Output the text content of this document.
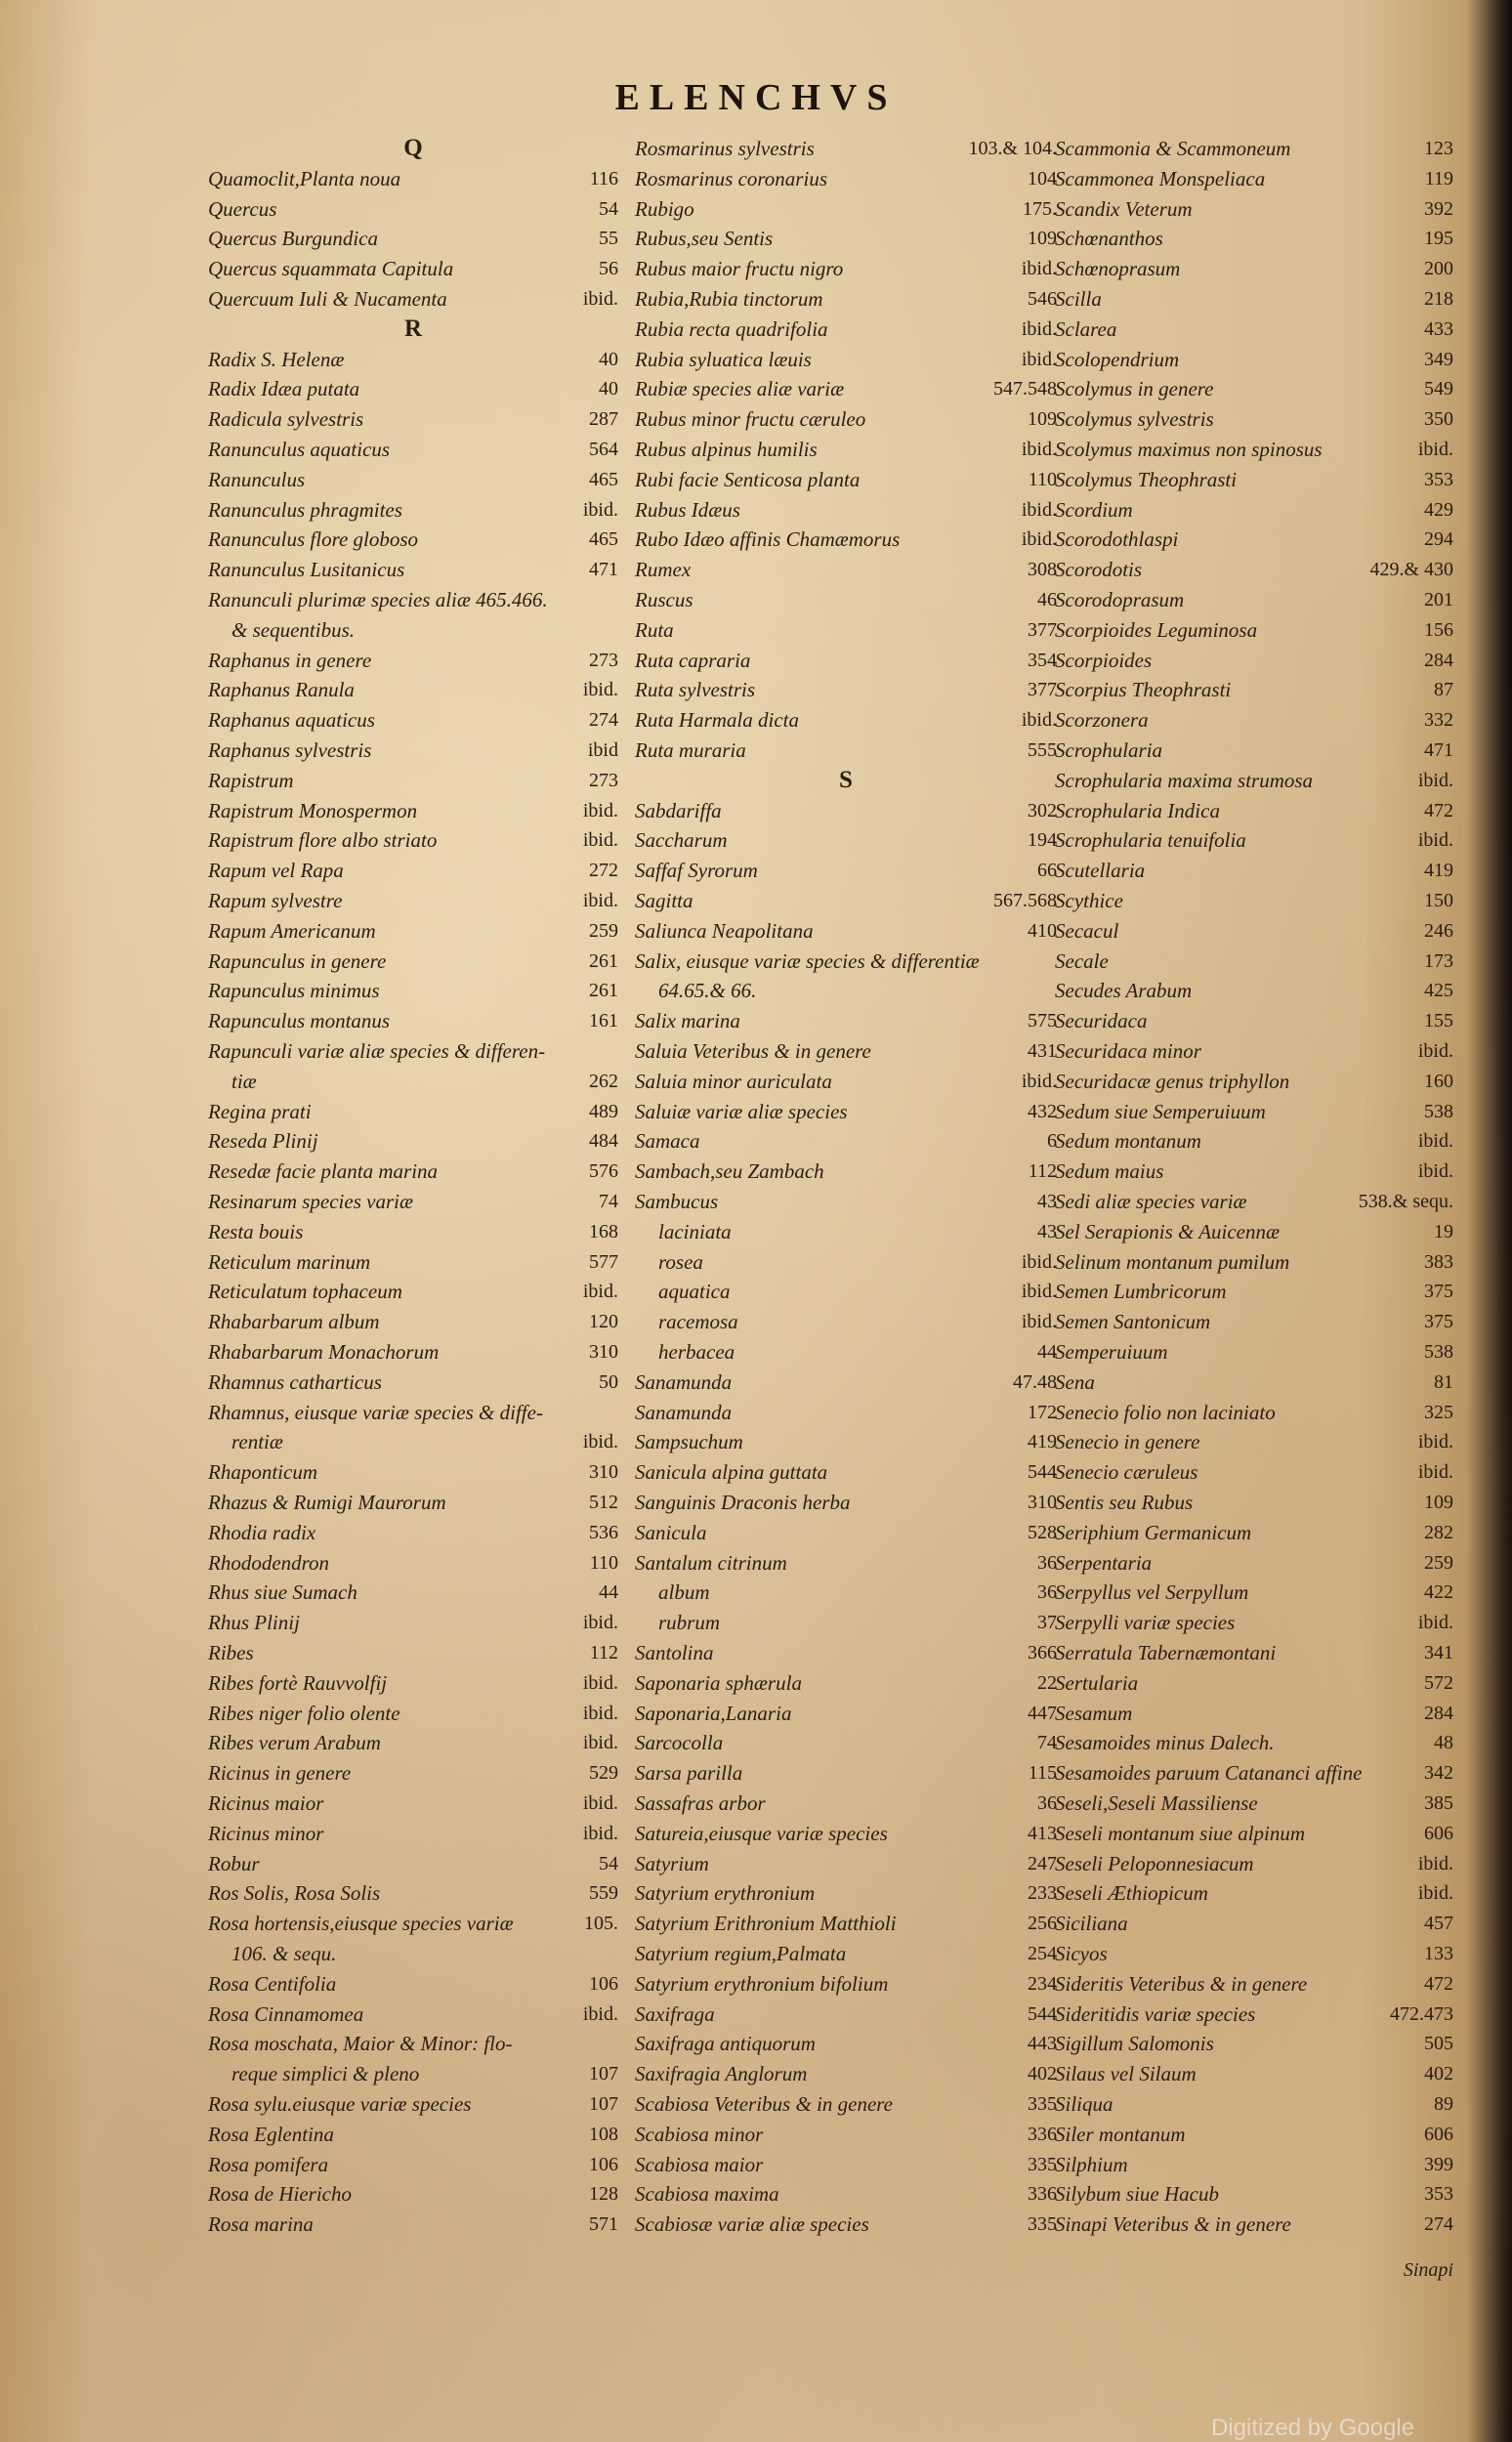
ELENCHVS
Q
Quamoclit,Planta noua	116
Quercus	54
Quercus Burgundica	55
Quercus squammata Capitula	56
Quercuum Iuli & Nucamenta	ibid.
R
Radix S. Helenæ	40
Radix Idæa putata	40
Radicula sylvestris	287
Ranunculus aquaticus	564
Ranunculus	465
Ranunculus phragmites	ibid.
Ranunculus flore globoso	465
Ranunculus Lusitanicus	471
Ranunculi plurimæ species aliæ 465.466.
& sequentibus.
Raphanus in genere	273
Raphanus Ranula	ibid.
Raphanus aquaticus	274
Raphanus sylvestris	ibid
Rapistrum	273
Rapistrum Monospermon	ibid.
Rapistrum flore albo striato	ibid.
Rapum vel Rapa	272
Rapum sylvestre	ibid.
Rapum Americanum	259
Rapunculus in genere	261
Rapunculus minimus	261
Rapunculus montanus	161
Rapunculi variæ aliæ species & differen-
tiæ	262
Regina prati	489
Reseda Plinij	484
Resedæ facie planta marina	576
Resinarum species variæ	74
Resta bouis	168
Reticulum marinum	577
Reticulatum tophaceum	ibid.
Rhabarbarum album	120
Rhabarbarum Monachorum	310
Rhamnus catharticus	50
Rhamnus, eiusque variæ species & diffe-
rentiæ	ibid.
Rhaponticum	310
Rhazus & Rumigi Maurorum	512
Rhodia radix	536
Rhododendron	110
Rhus siue Sumach	44
Rhus Plinij	ibid.
Ribes	112
Ribes fortè Rauvvolfij	ibid.
Ribes niger folio olente	ibid.
Ribes verum Arabum	ibid.
Ricinus in genere	529
Ricinus maior	ibid.
Ricinus minor	ibid.
Robur	54
Ros Solis, Rosa Solis	559
Rosa hortensis,eiusque species variæ	105.
106. & sequ.
Rosa Centifolia	106
Rosa Cinnamomea	ibid.
Rosa moschata, Maior & Minor: flo-
reque simplici & pleno	107
Rosa sylu.eiusque variæ species	107
Rosa Eglentina	108
Rosa pomifera	106
Rosa de Hiericho	128
Rosa marina	571
Rosmarinus sylvestris	103.& 104.
Rosmarinus coronarius	104
Rubigo	175.
Rubus,seu Sentis	109
Rubus maior fructu nigro	ibid.
Rubia,Rubia tinctorum	546
Rubia recta quadrifolia	ibid.
Rubia syluatica læuis	ibid.
Rubiæ species aliæ variæ	547.548
Rubus minor fructu cæruleo	109
Rubus alpinus humilis	ibid.
Rubi facie Senticosa planta	110
Rubus Idæus	ibid.
Rubo Idæo affinis Chamæmorus	ibid.
Rumex	308
Ruscus	46
Ruta	377
Ruta capraria	354
Ruta sylvestris	377
Ruta Harmala dicta	ibid.
Ruta muraria	555
S
Sabdariffa	302
Saccharum	194
Saffaf Syrorum	66
Sagitta	567.568
Saliunca Neapolitana	410
Salix, eiusque variæ species & differentiæ
64.65.& 66.
Salix marina	575
Saluia Veteribus & in genere	431
Saluia minor auriculata	ibid.
Saluiæ variæ aliæ species	432
Samaca	6
Sambach,seu Zambach	112
Sambucus	43
laciniata	43
rosea	ibid.
aquatica	ibid.
racemosa	ibid.
herbacea	44
Sanamunda	47.48
Sanamunda	172
Sampsuchum	419
Sanicula alpina guttata	544
Sanguinis Draconis herba	310
Sanicula	528
Santalum citrinum	36
album	36
rubrum	37
Santolina	366
Saponaria sphærula	22
Saponaria,Lanaria	447
Sarcocolla	74
Sarsa parilla	115
Sassafras arbor	36
Satureia,eiusque variæ species	413
Satyrium	247
Satyrium erythronium	233
Satyrium Erithronium Matthioli	256
Satyrium regium,Palmata	254
Satyrium erythronium bifolium	234
Saxifraga	544
Saxifraga antiquorum	443
Saxifragia Anglorum	402
Scabiosa Veteribus & in genere	335
Scabiosa minor	336
Scabiosa maior	335
Scabiosa maxima	336
Scabiosæ variæ aliæ species	335
Scammonia & Scammoneum	123
Scammonea Monspeliaca	119
Scandix Veterum	392
Schœnanthos	195
Schœnoprasum	200
Scilla	218
Sclarea	433
Scolopendrium	349
Scolymus in genere	549
Scolymus sylvestris	350
Scolymus maximus non spinosus	ibid.
Scolymus Theophrasti	353
Scordium	429
Scorodothlaspi	294
Scorodotis	429.& 430
Scorodoprasum	201
Scorpioides Leguminosa	156
Scorpioides	284
Scorpius Theophrasti	87
Scorzonera	332
Scrophularia	471
Scrophularia maxima strumosa	ibid.
Scrophularia Indica	472
Scrophularia tenuifolia	ibid.
Scutellaria	419
Scythice	150
Secacul	246
Secale	173
Secudes Arabum	425
Securidaca	155
Securidaca minor	ibid.
Securidacæ genus triphyllon	160
Sedum siue Semperuiuum	538
Sedum montanum	ibid.
Sedum maius	ibid.
Sedi aliæ species variæ	538.& sequ.
Sel Serapionis & Auicennæ	19
Selinum montanum pumilum	383
Semen Lumbricorum	375
Semen Santonicum	375
Semperuiuum	538
Sena	81
Senecio folio non laciniato	325
Senecio in genere	ibid.
Senecio cæruleus	ibid.
Sentis seu Rubus	109
Seriphium Germanicum	282
Serpentaria	259
Serpyllus vel Serpyllum	422
Serpylli variæ species	ibid.
Serratula Tabernæmontani	341
Sertularia	572
Sesamum	284
Sesamoides minus Dalech.	48
Sesamoides paruum Catananci affine	342
Seseli,Seseli Massiliense	385
Seseli montanum siue alpinum	606
Seseli Peloponnesiacum	ibid.
Seseli Æthiopicum	ibid.
Siciliana	457
Sicyos	133
Sideritis Veteribus & in genere	472
Sideritidis variæ species	472.473
Sigillum Salomonis	505
Silaus vel Silaum	402
Siliqua	89
Siler montanum	606
Silphium	399
Silybum siue Hacub	353
Sinapi Veteribus & in genere	274
Sinapi
Digitized by Google
